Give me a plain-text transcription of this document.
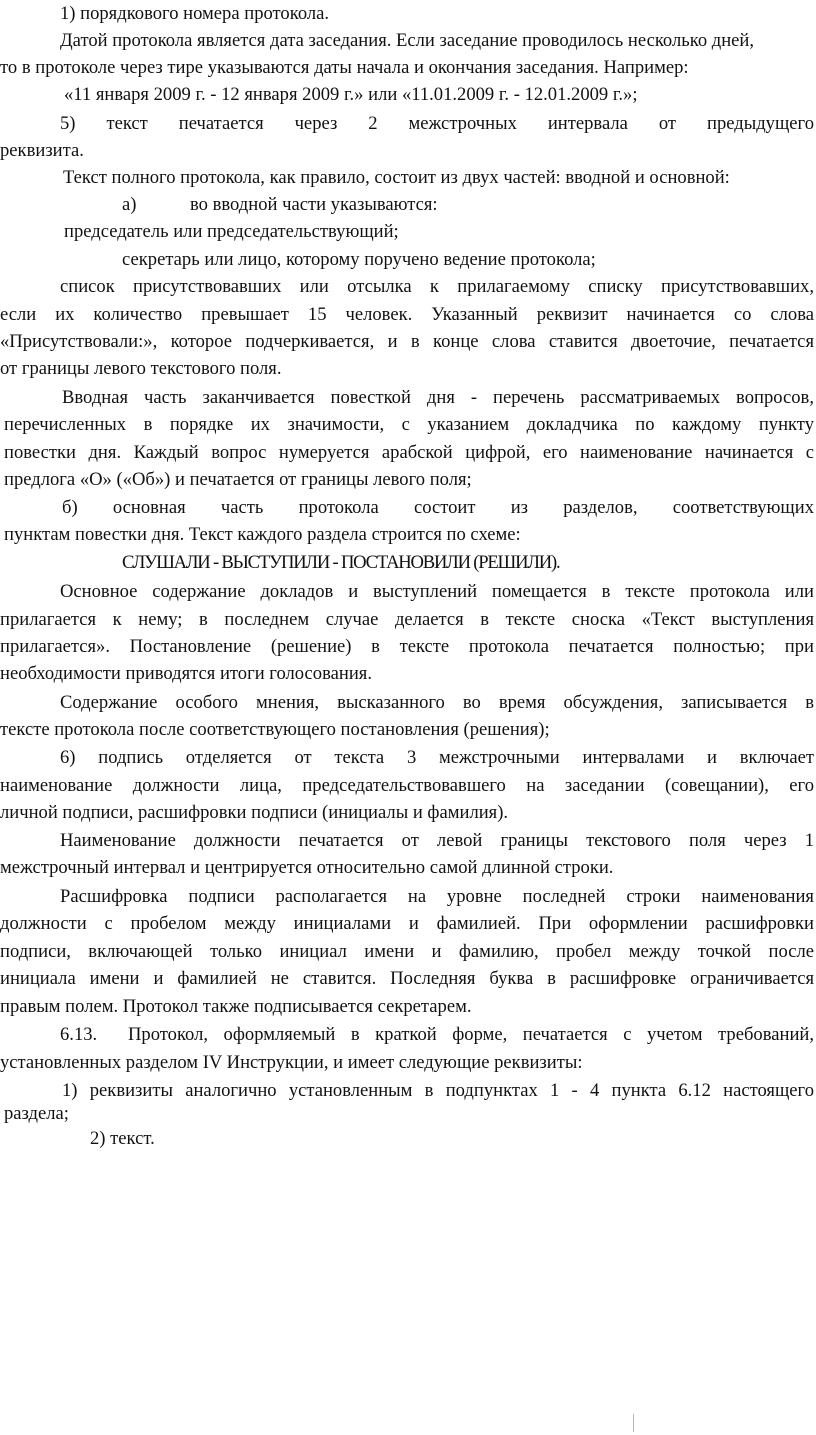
1) порядкового номера протокола.
Датой протокола является дата заседания. Если заседание проводилось несколько дней,
то в протоколе через тире указываются даты начала и окончания заседания. Например:
«11 января 2009 г. - 12 января 2009 г.» или «11.01.2009 г. - 12.01.2009 г.»;
5) текст печатается через 2 межстрочных интервала от предыдущего
реквизита.
Текст полного протокола, как правило, состоит из двух частей: вводной и основной:
а)	во вводной части указываются:
председатель или председательствующий;
секретарь или лицо, которому поручено ведение протокола;
список присутствовавших или отсылка к прилагаемому списку присутствовавших,
если их количество превышает 15 человек. Указанный реквизит начинается со слова
«Присутствовали:», которое подчеркивается, и в конце слова ставится двоеточие, печатается
от границы левого текстового поля.
Вводная часть заканчивается повесткой дня - перечень рассматриваемых вопросов,
перечисленных в порядке их значимости, с указанием докладчика по каждому пункту
повестки дня. Каждый вопрос нумеруется арабской цифрой, его наименование начинается с
предлога «О» («Об») и печатается от границы левого поля;
б) основная часть протокола состоит из разделов, соответствующих
пунктам повестки дня. Текст каждого раздела строится по схеме:
СЛУШАЛИ - ВЫСТУПИЛИ - ПОСТАНОВИЛИ (РЕШИЛИ).
Основное содержание докладов и выступлений помещается в тексте протокола или
прилагается к нему; в последнем случае делается в тексте сноска «Текст выступления
прилагается». Постановление (решение) в тексте протокола печатается полностью; при
необходимости приводятся итоги голосования.
Содержание особого мнения, высказанного во время обсуждения, записывается в
тексте протокола после соответствующего постановления (решения);
6) подпись отделяется от текста 3 межстрочными интервалами и включает
наименование должности лица, председательствовавшего на заседании (совещании), его
личной подписи, расшифровки подписи (инициалы и фамилия).
Наименование должности печатается от левой границы текстового поля через 1
межстрочный интервал и центрируется относительно самой длинной строки.
Расшифровка подписи располагается на уровне последней строки наименования
должности с пробелом между инициалами и фамилией. При оформлении расшифровки
подписи, включающей только инициал имени и фамилию, пробел между точкой после
инициала имени и фамилией не ставится. Последняя буква в расшифровке ограничивается
правым полем. Протокол также подписывается секретарем.
6.13. Протокол, оформляемый в краткой форме, печатается с учетом требований,
установленных разделом IV Инструкции, и имеет следующие реквизиты:
1) реквизиты аналогично установленным в подпунктах 1 - 4 пункта 6.12 настоящего
раздела;
2) текст.
